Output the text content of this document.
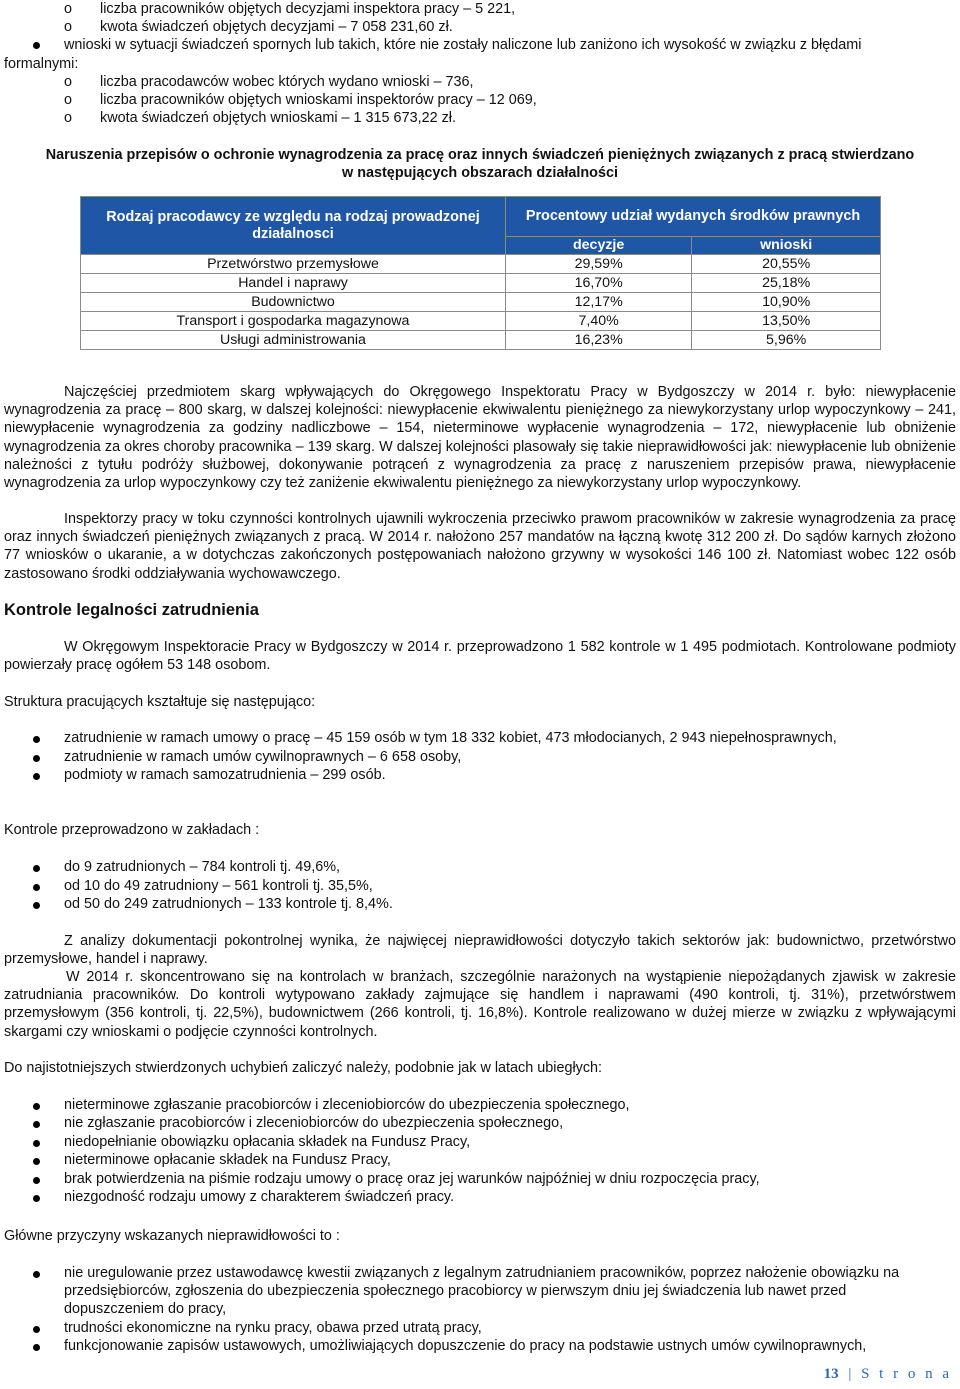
o	liczba pracowników objętych decyzjami inspektora pracy – 5 221,
o	kwota świadczeń objętych decyzjami – 7 058 231,60 zł.
wnioski w sytuacji świadczeń spornych lub takich, które nie zostały naliczone lub zaniżono ich wysokość w związku z błędami
formalnymi:
o	liczba pracodawców wobec których wydano wnioski – 736,
o	liczba pracowników objętych wnioskami inspektorów pracy – 12 069,
o	kwota świadczeń objętych wnioskami – 1 315 673,22 zł.
Naruszenia przepisów o ochronie wynagrodzenia za pracę oraz innych świadczeń pieniężnych związanych z pracą stwierdzano
w następujących obszarach działalności
Rodzaj pracodawcy ze względu na rodzaj prowadzonej działalnosci	Procentowy udział wydanych środków prawnych	
	decyzje	wnioski
Przetwórstwo przemysłowe	29,59%	20,55%
Handel i naprawy	16,70%	25,18%
Budownictwo	12,17%	10,90%
Transport i gospodarka magazynowa	7,40%	13,50%
Usługi administrowania	16,23%	5,96%
Najczęściej przedmiotem skarg wpływających do Okręgowego Inspektoratu Pracy w Bydgoszczy w 2014 r. było: niewypłacenie wynagrodzenia za pracę – 800 skarg, w dalszej kolejności: niewypłacenie ekwiwalentu pieniężnego za niewykorzystany urlop wypoczynkowy – 241, niewypłacenie wynagrodzenia za godziny nadliczbowe – 154, nieterminowe wypłacenie wynagrodzenia – 172, niewypłacenie lub obniżenie wynagrodzenia za okres choroby pracownika – 139 skarg. W dalszej kolejności plasowały się takie nieprawidłowości jak: niewypłacenie lub obniżenie należności z tytułu podróży służbowej, dokonywanie potrąceń z wynagrodzenia za pracę z naruszeniem przepisów prawa, niewypłacenie wynagrodzenia za urlop wypoczynkowy czy też zaniżenie ekwiwalentu pieniężnego za niewykorzystany urlop wypoczynkowy.
Inspektorzy pracy w toku czynności kontrolnych ujawnili wykroczenia przeciwko prawom pracowników w zakresie wynagrodzenia za pracę oraz innych świadczeń pieniężnych związanych z pracą. W 2014 r. nałożono 257 mandatów na łączną kwotę 312 200 zł. Do sądów karnych złożono 77 wniosków o ukaranie, a w dotychczas zakończonych postępowaniach nałożono grzywny w wysokości 146 100 zł. Natomiast wobec 122 osób zastosowano środki oddziaływania wychowawczego.
Kontrole legalności zatrudnienia
W Okręgowym Inspektoracie Pracy w Bydgoszczy w 2014 r. przeprowadzono 1 582 kontrole w 1 495 podmiotach. Kontrolowane podmioty powierzały pracę ogółem 53 148 osobom.
Struktura pracujących kształtuje się następująco:
zatrudnienie w ramach umowy o pracę – 45 159 osób w tym 18 332 kobiet, 473 młodocianych, 2 943 niepełnosprawnych,
zatrudnienie w ramach umów cywilnoprawnych – 6 658 osoby,
podmioty w ramach samozatrudnienia – 299 osób.
Kontrole przeprowadzono w zakładach :
do 9 zatrudnionych – 784 kontroli tj. 49,6%,
od 10 do 49 zatrudniony – 561 kontroli tj. 35,5%,
od 50 do 249 zatrudnionych – 133 kontrole tj. 8,4%.
Z analizy dokumentacji pokontrolnej wynika, że najwięcej nieprawidłowości dotyczyło takich sektorów jak: budownictwo, przetwórstwo przemysłowe, handel i naprawy.
W 2014 r. skoncentrowano się na kontrolach w branżach, szczególnie narażonych na wystąpienie niepożądanych zjawisk w zakresie zatrudniania pracowników. Do kontroli wytypowano zakłady zajmujące się handlem i naprawami (490 kontroli, tj. 31%), przetwórstwem przemysłowym (356 kontroli, tj. 22,5%), budownictwem (266 kontroli, tj. 16,8%). Kontrole realizowano w dużej mierze w związku z wpływającymi skargami czy wnioskami o podjęcie czynności kontrolnych.
Do najistotniejszych stwierdzonych uchybień zaliczyć należy, podobnie jak w latach ubiegłych:
nieterminowe zgłaszanie pracobiorców i zleceniobiorców do ubezpieczenia społecznego,
nie zgłaszanie pracobiorców i zleceniobiorców do ubezpieczenia społecznego,
niedopełnianie obowiązku opłacania składek na Fundusz Pracy,
nieterminowe opłacanie składek na Fundusz Pracy,
brak potwierdzenia na piśmie rodzaju umowy o pracę oraz jej warunków najpóźniej w dniu rozpoczęcia pracy,
niezgodność rodzaju umowy z charakterem świadczeń pracy.
Główne przyczyny wskazanych nieprawidłowości to :
nie uregulowanie przez ustawodawcę kwestii związanych z legalnym zatrudnianiem pracowników, poprzez nałożenie obowiązku na przedsiębiorców, zgłoszenia do ubezpieczenia społecznego pracobiorcy w pierwszym dniu jej świadczenia lub nawet przed dopuszczeniem do pracy,
trudności ekonomiczne na rynku pracy, obawa przed utratą pracy,
funkcjonowanie zapisów ustawowych, umożliwiających dopuszczenie do pracy na podstawie ustnych umów cywilnoprawnych,
13 | S t r o n a
